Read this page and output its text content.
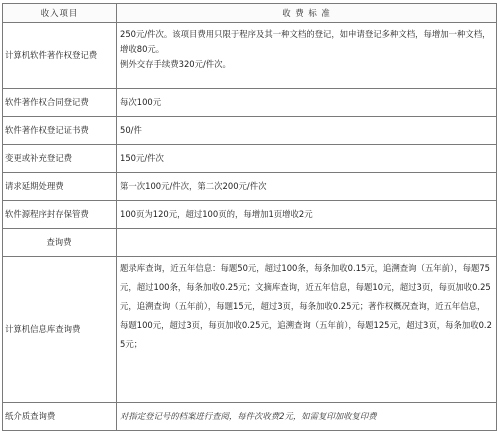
收入项目	收 费 标 准
计算机软件著作权登记费	250元/件次。该项目费用只限于程序及其一种文档的登记，如申请登记多种文档，每增加一种文档，增收80元。
例外交存手续费320元/件次。
软件著作权合同登记费	每次100元
软件著作权登记证书费	50/件
变更或补充登记费	150元/件次
请求延期处理费	第一次100元/件次，第二次200元/件次
软件源程序封存保管费	100页为120元，超过100页的，每增加1页增收2元
查询费	
计算机信息库查询费	题录库查询，近五年信息：每题50元，超过100条，每条加收0.15元，追溯查询（五年前），每题75元，超过100条，每条加收0.25元；文摘库查询，近五年信息，每题10元，超过3页，每页加收0.25元，追溯查询（五年前），每题15元，超过3页，每条加收0.25元；著作权概况查询，近五年信息，每题100元，超过3页，每页加收0.25元，追溯查询（五年前），每题125元，超过3页，每条加收0.25元；
纸介质查询费	对指定登记号的档案进行查阅，每件次收费2元，如需复印加收复印费
